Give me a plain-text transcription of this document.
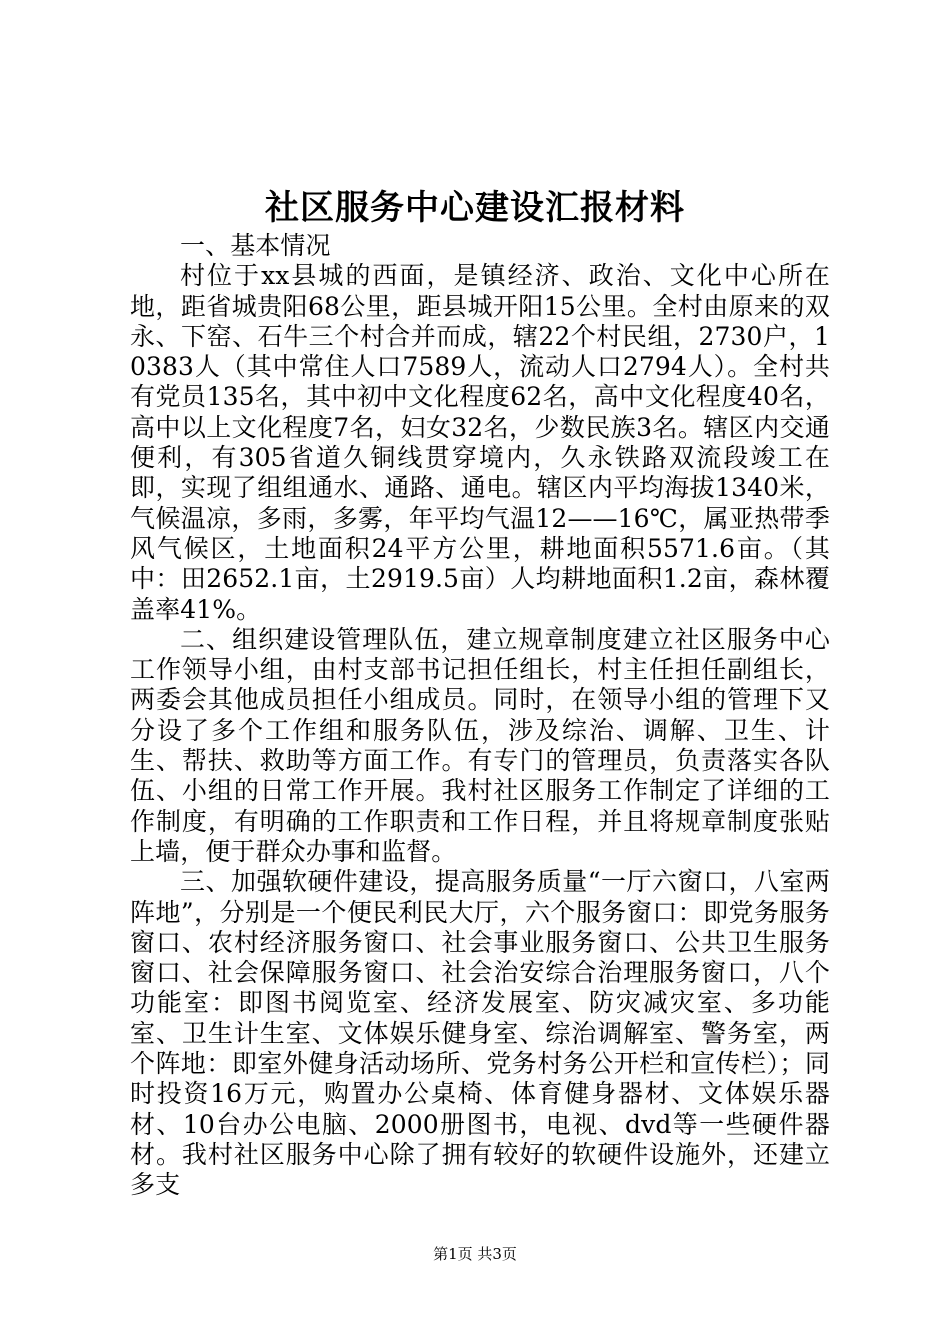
社区服务中心建设汇报材料

一、基本情况

村位于xx县城的西面，是镇经济、政治、文化中心所在地，距省城贵阳68公里，距县城开阳15公里。全村由原来的双永、下窑、石牛三个村合并而成，辖22个村民组，2730户，10383人（其中常住人口7589人，流动人口2794人）。全村共有党员135名，其中初中文化程度62名，高中文化程度40名，高中以上文化程度7名，妇女32名，少数民族3名。辖区内交通便利，有305省道久铜线贯穿境内，久永铁路双流段竣工在即，实现了组组通水、通路、通电。辖区内平均海拔1340米，气候温凉，多雨，多雾，年平均气温12——16℃，属亚热带季风气候区，土地面积24平方公里，耕地面积5571.6亩。（其中：田2652.1亩，土2919.5亩）人均耕地面积1.2亩，森林覆盖率41%。

二、组织建设管理队伍，建立规章制度建立社区服务中心工作领导小组，由村支部书记担任组长，村主任担任副组长，两委会其他成员担任小组成员。同时，在领导小组的管理下又分设了多个工作组和服务队伍，涉及综治、调解、卫生、计生、帮扶、救助等方面工作。有专门的管理员，负责落实各队伍、小组的日常工作开展。我村社区服务工作制定了详细的工作制度，有明确的工作职责和工作日程，并且将规章制度张贴上墙，便于群众办事和监督。

三、加强软硬件建设，提高服务质量“一厅六窗口，八室两阵地”，分别是一个便民利民大厅，六个服务窗口：即党务服务窗口、农村经济服务窗口、社会事业服务窗口、公共卫生服务窗口、社会保障服务窗口、社会治安综合治理服务窗口，八个功能室：即图书阅览室、经济发展室、防灾减灾室、多功能室、卫生计生室、文体娱乐健身室、综治调解室、警务室，两个阵地：即室外健身活动场所、党务村务公开栏和宣传栏）；同时投资16万元，购置办公桌椅、体育健身器材、文体娱乐器材、10台办公电脑、2000册图书，电视、dvd等一些硬件器材。我村社区服务中心除了拥有较好的软硬件设施外，还建立多支

第1页 共3页
